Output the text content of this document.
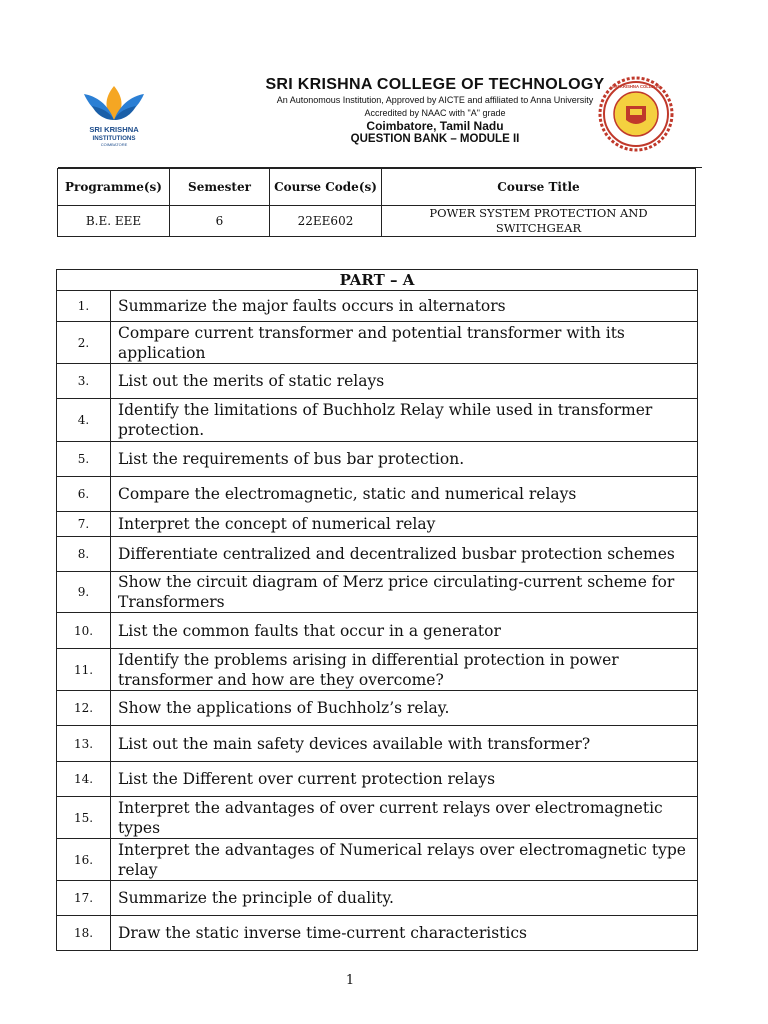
SRI KRISHNA
INSTITUTIONS
COIMBATORE
SRI KRISHNA COLLEGE OF TECHNOLOGY
An Autonomous Institution, Approved by AICTE and affiliated to Anna University
Accredited by NAAC with "A" grade
Coimbatore, Tamil Nadu
QUESTION BANK – MODULE II
SRI KRISHNA COLLEGE
Programme(s)	Semester	Course Code(s)	Course Title
B.E. EEE	6	22EE602	POWER SYSTEM PROTECTION AND SWITCHGEAR
PART – A	
1.	Summarize the major faults occurs in alternators
2.	Compare current transformer and potential transformer with its application
3.	List out the merits of static relays
4.	Identify the limitations of Buchholz Relay while used in transformer protection.
5.	List the requirements of bus bar protection.
6.	Compare the electromagnetic, static and numerical relays
7.	Interpret the concept of numerical relay
8.	Differentiate centralized and decentralized busbar protection schemes
9.	Show the circuit diagram of Merz price circulating-current scheme for Transformers
10.	List the common faults that occur in a generator
11.	Identify the problems arising in differential protection in power transformer and how are they overcome?
12.	Show the applications of Buchholz’s relay.
13.	List out the main safety devices available with transformer?
14.	List the Different over current protection relays
15.	Interpret the advantages of over current relays over electromagnetic types
16.	Interpret the advantages of Numerical relays over electromagnetic type relay
17.	Summarize the principle of duality.
18.	Draw the static inverse time-current characteristics
1
